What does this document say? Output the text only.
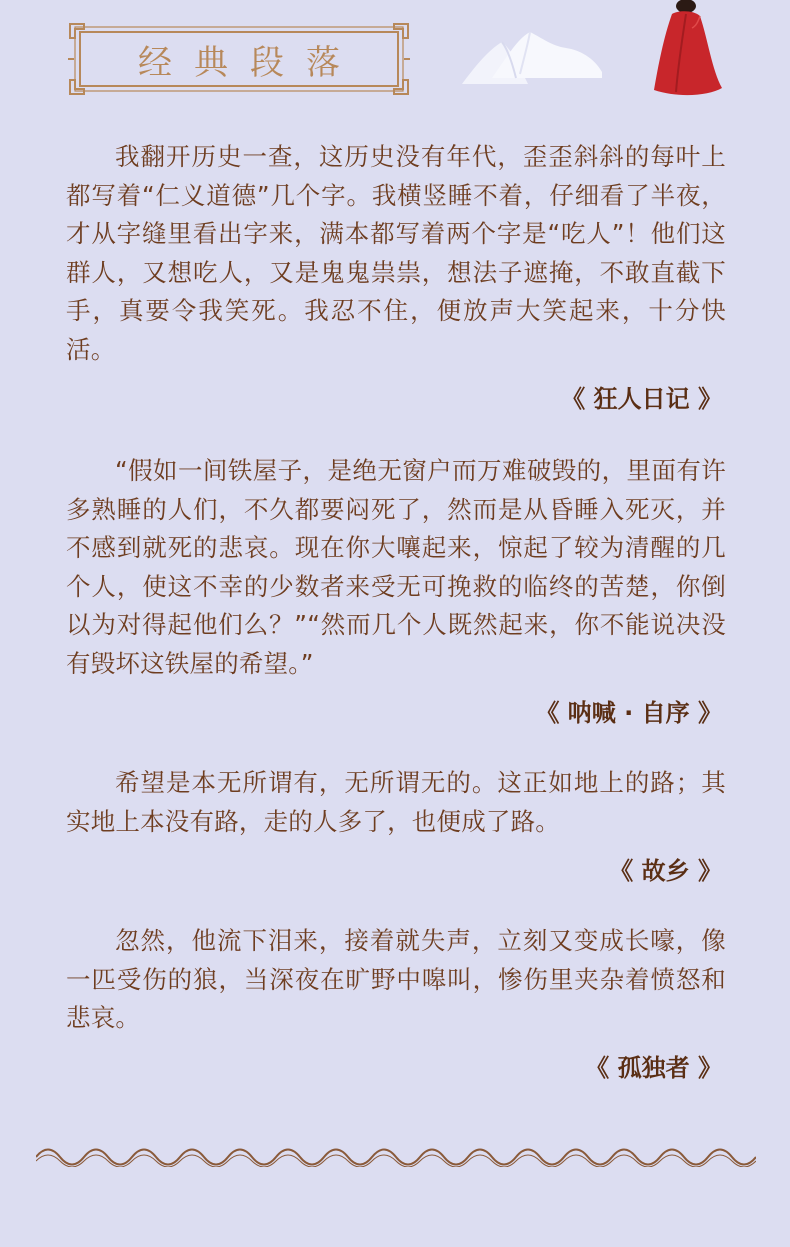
经典段落

我翻开历史一查，这历史没有年代，歪歪斜斜的每叶上都写着“仁义道德”几个字。我横竖睡不着，仔细看了半夜，才从字缝里看出字来，满本都写着两个字是“吃人”！他们这群人，又想吃人，又是鬼鬼祟祟，想法子遮掩，不敢直截下手，真要令我笑死。我忍不住，便放声大笑起来，十分快活。

《 狂人日记 》

“假如一间铁屋子，是绝无窗户而万难破毁的，里面有许多熟睡的人们，不久都要闷死了，然而是从昏睡入死灭，并不感到就死的悲哀。现在你大嚷起来，惊起了较为清醒的几个人，使这不幸的少数者来受无可挽救的临终的苦楚，你倒以为对得起他们么？”“然而几个人既然起来，你不能说决没有毁坏这铁屋的希望。”

《 呐喊 · 自序 》

希望是本无所谓有，无所谓无的。这正如地上的路；其实地上本没有路，走的人多了，也便成了路。

《 故乡 》

忽然，他流下泪来，接着就失声，立刻又变成长嚎，像一匹受伤的狼，当深夜在旷野中嗥叫，惨伤里夹杂着愤怒和悲哀。

《 孤独者 》
